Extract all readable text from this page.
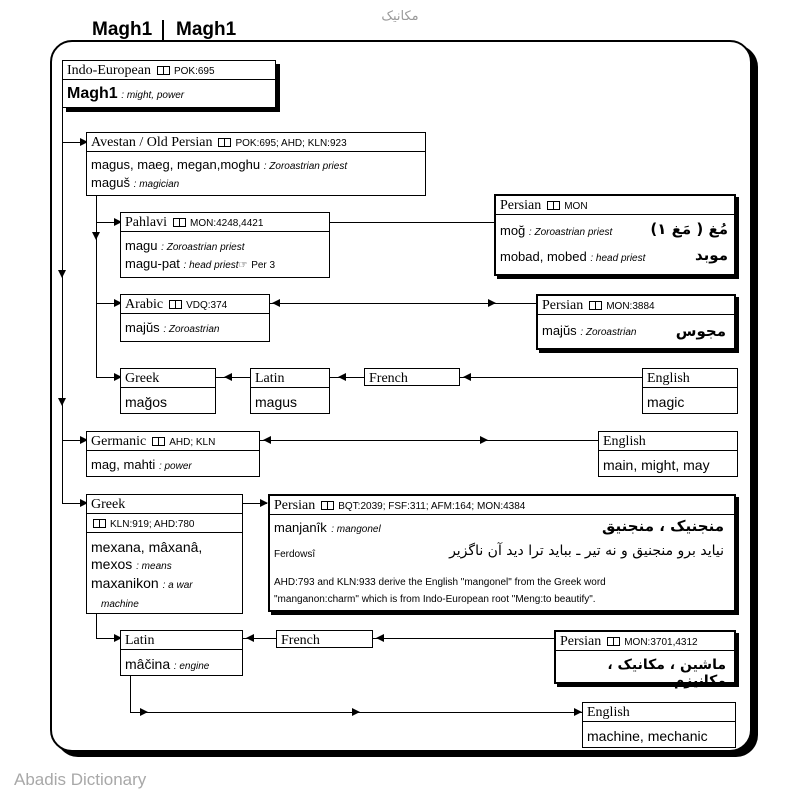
مکانیک
Magh1 Magh1
Indo-European POK:695
Magh1 : might, power
Avestan / Old Persian POK:695; AHD; KLN:923
magus, maeg, megan,moghu : Zoroastrian priest
maguš : magician
Pahlavi MON:4248,4421
magu : Zoroastrian priest
magu-pat : head priest☞ Per 3
Persian MON
moğ : Zoroastrian priest	مُغ ( مَغ ۱)
mobad, mobed : head priest	موبد
Arabic VDQ:374
majŭs : Zoroastrian
Persian MON:3884
majŭs : Zoroastrian	مجوس
Greek
mağos
Latin
magus
French	English
magic
Germanic AHD; KLN
mag, mahti : power
English
main, might, may
Greek
KLN:919; AHD:780
mexana, mâxanâ,
mexos : means
maxanikon : a war
machine
Persian BQT:2039; FSF:311; AFM:164; MON:4384
manjanîk : mangonel	منجنیک ، منجنیق
Ferdowsî	نیاید برو منجنیق و نه تیر ـ بباید ترا دید آن ناگزیر
AHD:793 and KLN:933 derive the English "mangonel" from the Greek word
"manganon:charm" which is from Indo-European root "Meng:to beautify".
Latin
mâčina : engine
French	Persian MON:3701,4312
ماشین ، مکانیک ، مکانیزم
English
machine, mechanic
Abadis Dictionary
